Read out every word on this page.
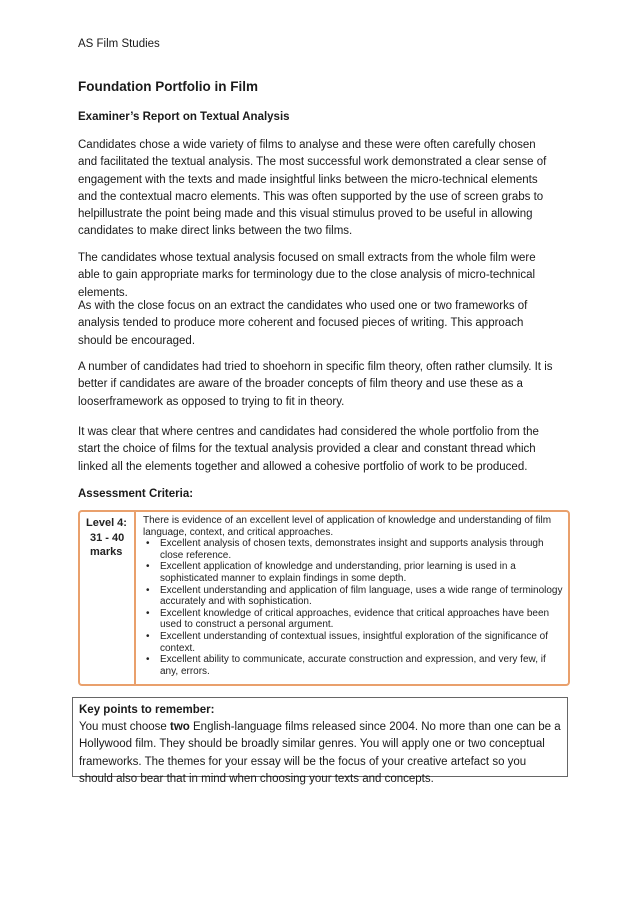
AS Film Studies
Foundation Portfolio in Film
Examiner’s Report on Textual Analysis

Candidates chose a wide variety of films to analyse and these were often carefully chosen and facilitated the textual analysis. The most successful work demonstrated a clear sense of engagement with the texts and made insightful links between the micro-technical elements and the contextual macro elements. This was often supported by the use of screen grabs to helpillustrate the point being made and this visual stimulus proved to be useful in allowing candidates to make direct links between the two films.

The candidates whose textual analysis focused on small extracts from the whole film were able to gain appropriate marks for terminology due to the close analysis of micro-technical elements.

As with the close focus on an extract the candidates who used one or two frameworks of analysis tended to produce more coherent and focused pieces of writing. This approach should be encouraged.

A number of candidates had tried to shoehorn in specific film theory, often rather clumsily. It is better if candidates are aware of the broader concepts of film theory and use these as a looserframework as opposed to trying to fit in theory.

It was clear that where centres and candidates had considered the whole portfolio from the start the choice of films for the textual analysis provided a clear and constant thread which linked all the elements together and allowed a cohesive portfolio of work to be produced.

Assessment Criteria:
Level 4:
31 - 40
marks

There is evidence of an excellent level of application of knowledge and understanding of film language, context, and critical approaches.

• Excellent analysis of chosen texts, demonstrates insight and supports analysis through close reference.
• Excellent application of knowledge and understanding, prior learning is used in a sophisticated manner to explain findings in some depth.
• Excellent understanding and application of film language, uses a wide range of terminology accurately and with sophistication.
• Excellent knowledge of critical approaches, evidence that critical approaches have been used to construct a personal argument.
• Excellent understanding of contextual issues, insightful exploration of the significance of context.
• Excellent ability to communicate, accurate construction and expression, and very few, if any, errors.
Key points to remember:
You must choose two English-language films released since 2004. No more than one can be a Hollywood film. They should be broadly similar genres. You will apply one or two conceptual frameworks. The themes for your essay will be the focus of your creative artefact so you should also bear that in mind when choosing your texts and concepts.
